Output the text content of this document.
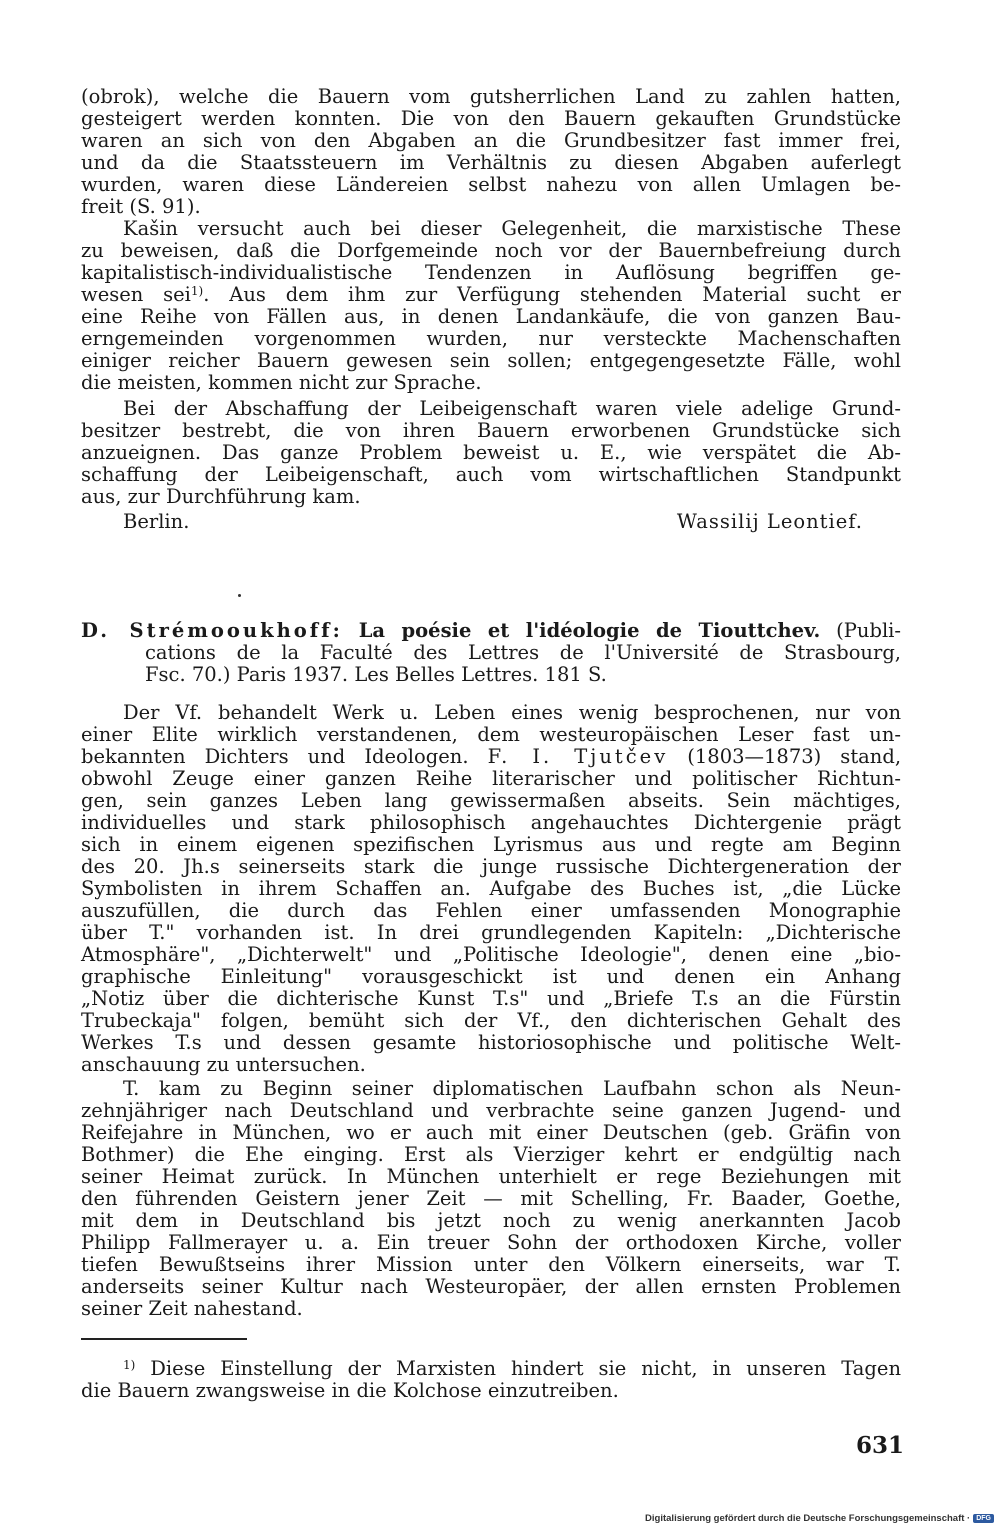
(obrok), welche die Bauern vom gutsherrlichen Land zu zahlen hatten,
gesteigert werden konnten. Die von den Bauern gekauften Grundstücke
waren an sich von den Abgaben an die Grundbesitzer fast immer frei,
und da die Staatssteuern im Verhältnis zu diesen Abgaben auferlegt
wurden, waren diese Ländereien selbst nahezu von allen Umlagen be-
freit (S. 91).
Kašin versucht auch bei dieser Gelegenheit, die marxistische These
zu beweisen, daß die Dorfgemeinde noch vor der Bauernbefreiung durch
kapitalistisch-individualistische Tendenzen in Auflösung begriffen ge-
wesen sei$^{1)}$. Aus dem ihm zur Verfügung stehenden Material sucht er
eine Reihe von Fällen aus, in denen Landankäufe, die von ganzen Bau-
erngemeinden vorgenommen wurden, nur versteckte Machenschaften
einiger reicher Bauern gewesen sein sollen; entgegengesetzte Fälle, wohl
die meisten, kommen nicht zur Sprache.
Bei der Abschaffung der Leibeigenschaft waren viele adelige Grund-
besitzer bestrebt, die von ihren Bauern erworbenen Grundstücke sich
anzueignen. Das ganze Problem beweist u. E., wie verspätet die Ab-
schaffung der Leibeigenschaft, auch vom wirtschaftlichen Standpunkt
aus, zur Durchführung kam.
Berlin.	Wassilij Leontief.
D. Strémooukhoff: La poésie et l'idéologie de Tiouttchev. (Publi-
cations de la Faculté des Lettres de l'Université de Strasbourg,
Fsc. 70.) Paris 1937. Les Belles Lettres. 181 S.
Der Vf. behandelt Werk u. Leben eines wenig besprochenen, nur von
einer Elite wirklich verstandenen, dem westeuropäischen Leser fast un-
bekannten Dichters und Ideologen. F. I. Tjutčev (1803—1873) stand,
obwohl Zeuge einer ganzen Reihe literarischer und politischer Richtun-
gen, sein ganzes Leben lang gewissermaßen abseits. Sein mächtiges,
individuelles und stark philosophisch angehauchtes Dichtergenie prägt
sich in einem eigenen spezifischen Lyrismus aus und regte am Beginn
des 20. Jh.s seinerseits stark die junge russische Dichtergeneration der
Symbolisten in ihrem Schaffen an. Aufgabe des Buches ist, „die Lücke
auszufüllen, die durch das Fehlen einer umfassenden Monographie
über T." vorhanden ist. In drei grundlegenden Kapiteln: „Dichterische
Atmosphäre", „Dichterwelt" und „Politische Ideologie", denen eine „bio-
graphische Einleitung" vorausgeschickt ist und denen ein Anhang
„Notiz über die dichterische Kunst T.s" und „Briefe T.s an die Fürstin
Trubeckaja" folgen, bemüht sich der Vf., den dichterischen Gehalt des
Werkes T.s und dessen gesamte historiosophische und politische Welt-
anschauung zu untersuchen.
T. kam zu Beginn seiner diplomatischen Laufbahn schon als Neun-
zehnjähriger nach Deutschland und verbrachte seine ganzen Jugend- und
Reifejahre in München, wo er auch mit einer Deutschen (geb. Gräfin von
Bothmer) die Ehe einging. Erst als Vierziger kehrt er endgültig nach
seiner Heimat zurück. In München unterhielt er rege Beziehungen mit
den führenden Geistern jener Zeit — mit Schelling, Fr. Baader, Goethe,
mit dem in Deutschland bis jetzt noch zu wenig anerkannten Jacob
Philipp Fallmerayer u. a. Ein treuer Sohn der orthodoxen Kirche, voller
tiefen Bewußtseins ihrer Mission unter den Völkern einerseits, war T.
anderseits seiner Kultur nach Westeuropäer, der allen ernsten Problemen
seiner Zeit nahestand.
$^{1)}$ Diese Einstellung der Marxisten hindert sie nicht, in unseren Tagen
die Bauern zwangsweise in die Kolchose einzutreiben.
631
Digitalisierung gefördert durch die Deutsche Forschungsgemeinschaft · DFG
